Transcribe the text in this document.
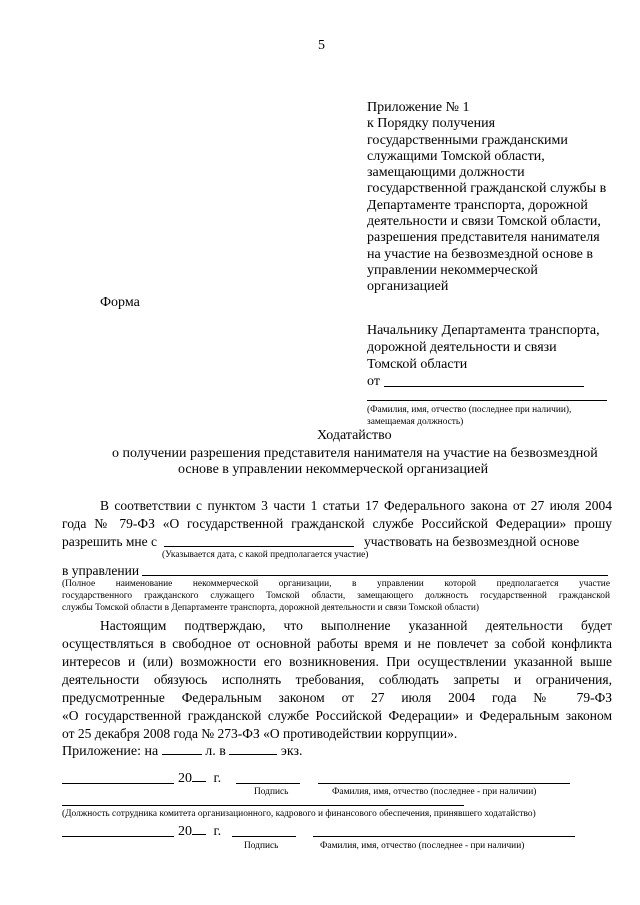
5
Приложение № 1
к Порядку получения
государственными гражданскими
служащими Томской области,
замещающими должности
государственной гражданской службы в
Департаменте транспорта, дорожной
деятельности и связи Томской области,
разрешения представителя нанимателя
на участие на безвозмездной основе в
управлении некоммерческой
организацией
Форма
Начальнику Департамента транспорта,
дорожной деятельности и связи
Томской области
от
(Фамилия, имя, отчество (последнее при наличии),
замещаемая должность)
Ходатайство
о получении разрешения представителя нанимателя на участие на безвозмездной
основе в управлении некоммерческой организацией
В соответствии с пунктом 3 части 1 статьи 17 Федерального закона от 27 июля 2004
года № 79-ФЗ «О государственной гражданской службе Российской Федерации» прошу
разрешить мне с	участвовать на безвозмездной основе
(Указывается дата, с какой предполагается участие)
в управлении
(Полное наименование некоммерческой организации, в управлении которой предполагается участие
государственного гражданского служащего Томской области, замещающего должность государственной гражданской
службы Томской области в Департаменте транспорта, дорожной деятельности и связи Томской области)
Настоящим подтверждаю, что выполнение указанной деятельности будет
осуществляться в свободное от основной работы время и не повлечет за собой конфликта
интересов и (или) возможности его возникновения. При осуществлении указанной выше
деятельности обязуюсь исполнять требования, соблюдать запреты и ограничения,
предусмотренные Федеральным законом от 27 июля 2004 года № 79-ФЗ
«О государственной гражданской службе Российской Федерации» и Федеральным законом
от 25 декабря 2008 года № 273-ФЗ «О противодействии коррупции».
Приложение: на	л. в	экз.
20 г.
Подпись	Фамилия, имя, отчество (последнее - при наличии)
(Должность сотрудника комитета организационного, кадрового и финансового обеспечения, принявшего ходатайство)
20 г.
Подпись	Фамилия, имя, отчество (последнее - при наличии)
